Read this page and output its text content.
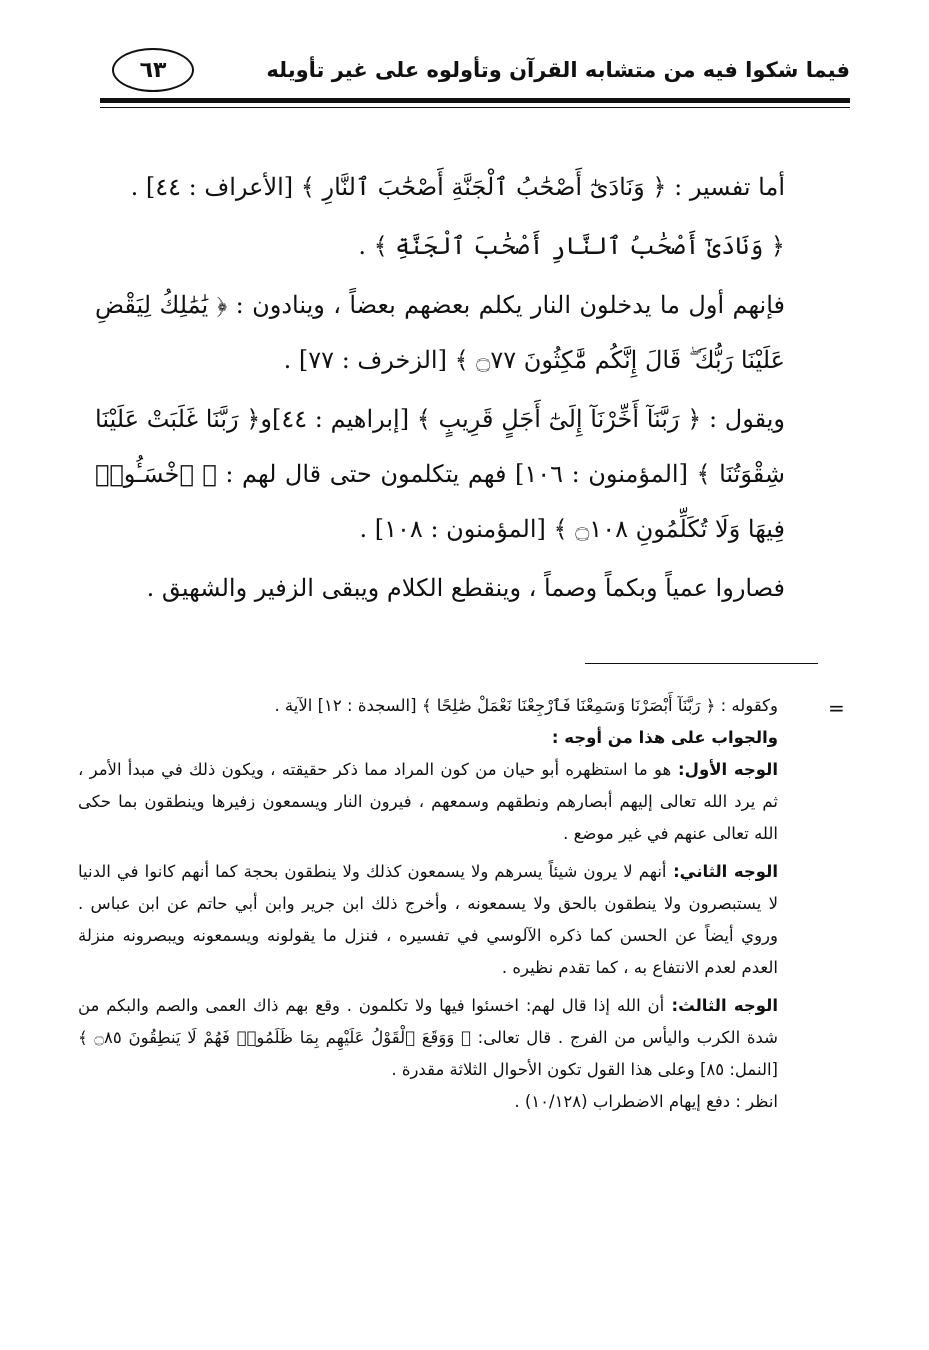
٦٣	فيما شكوا فيه من متشابه القرآن وتأولوه على غير تأويله

أما تفسير : ﴿ وَنَادَىٰٓ أَصْحَٰبُ ٱلْجَنَّةِ أَصْحَٰبَ ٱلنَّارِ ﴾ [الأعراف : ٤٤] .

﴿ وَنَادَىٰٓ أَصْحَٰبُ ٱلنَّارِ أَصْحَٰبَ ٱلْجَنَّةِ ﴾ .

فإنهم أول ما يدخلون النار يكلم بعضهم بعضاً ، وينادون : ﴿ يَٰمَٰلِكُ لِيَقْضِ عَلَيْنَا رَبُّكَ ۖ قَالَ إِنَّكُم مَّٰكِثُونَ ۝٧٧ ﴾ [الزخرف : ٧٧] .

ويقول : ﴿ رَبَّنَآ أَخِّرْنَآ إِلَىٰٓ أَجَلٍ قَرِيبٍ ﴾ [إبراهيم : ٤٤]و﴿ رَبَّنَا غَلَبَتْ عَلَيْنَا شِقْوَتُنَا ﴾ [المؤمنون : ١٠٦] فهم يتكلمون حتى قال لهم : ﴿ ٱخْسَـُٔوا۟ فِيهَا وَلَا تُكَلِّمُونِ ۝١٠٨ ﴾ [المؤمنون : ١٠٨] .

فصاروا عمياً وبكماً وصماً ، وينقطع الكلام ويبقى الزفير والشهيق .

=

وكقوله : ﴿ رَبَّنَآ أَبْصَرْنَا وَسَمِعْنَا فَٱرْجِعْنَا نَعْمَلْ صَٰلِحًا ﴾ [السجدة : ١٢] الآية .

والجواب على هذا من أوجه :

الوجه الأول: هو ما استظهره أبو حيان من كون المراد مما ذكر حقيقته ، ويكون ذلك في مبدأ الأمر ، ثم يرد الله تعالى إليهم أبصارهم ونطقهم وسمعهم ، فيرون النار ويسمعون زفيرها وينطقون بما حكى الله تعالى عنهم في غير موضع .

الوجه الثاني: أنهم لا يرون شيئاً يسرهم ولا يسمعون كذلك ولا ينطقون بحجة كما أنهم كانوا في الدنيا لا يستبصرون ولا ينطقون بالحق ولا يسمعونه ، وأخرج ذلك ابن جرير وابن أبي حاتم عن ابن عباس . وروي أيضاً عن الحسن كما ذكره الآلوسي في تفسيره ، فنزل ما يقولونه ويسمعونه ويبصرونه منزلة العدم لعدم الانتفاع به ، كما تقدم نظيره .

الوجه الثالث: أن الله إذا قال لهم: اخسئوا فيها ولا تكلمون . وقع بهم ذاك العمى والصم والبكم من شدة الكرب واليأس من الفرج . قال تعالى: ﴿ وَوَقَعَ ٱلْقَوْلُ عَلَيْهِم بِمَا ظَلَمُوا۟ فَهُمْ لَا يَنطِقُونَ ۝٨٥ ﴾ [النمل: ٨٥] وعلى هذا القول تكون الأحوال الثلاثة مقدرة .

انظر : دفع إيهام الاضطراب (١٠/١٢٨) .
